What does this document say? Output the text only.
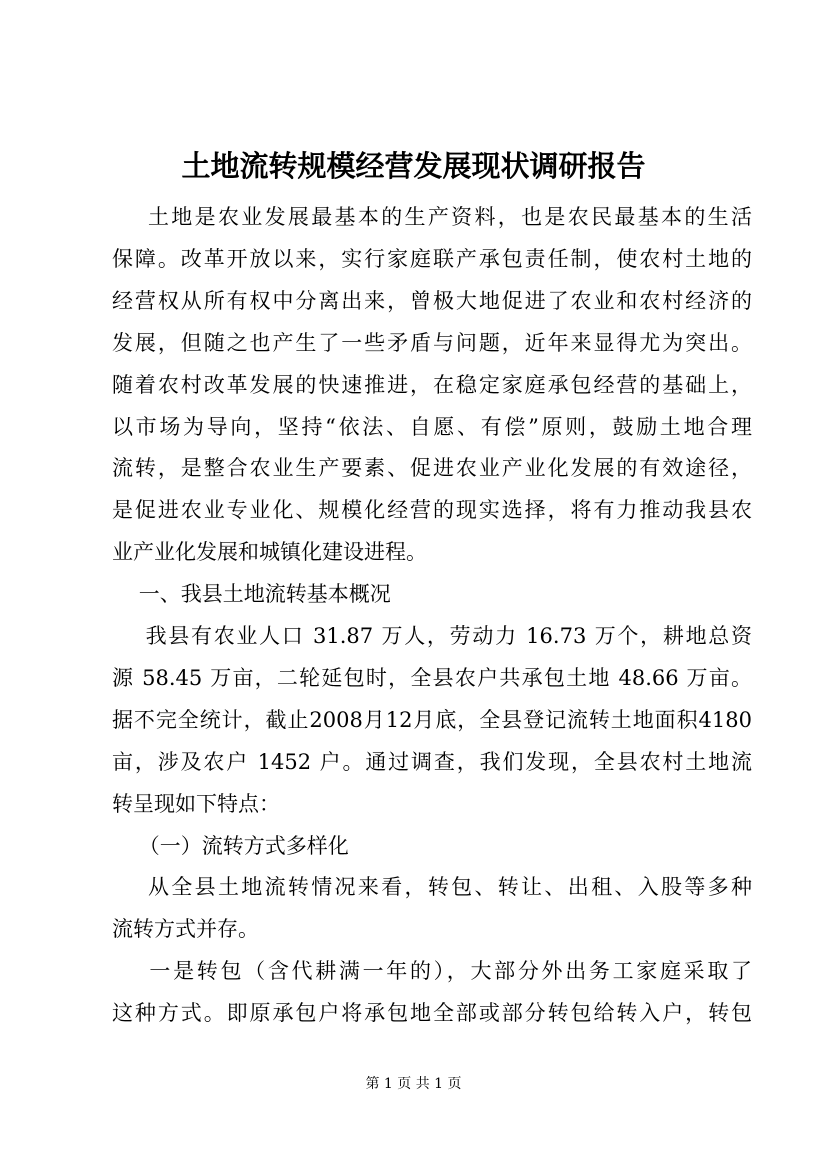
土地流转规模经营发展现状调研报告
土地是农业发展最基本的生产资料，也是农民最基本的生活
保障。改革开放以来，实行家庭联产承包责任制，使农村土地的
经营权从所有权中分离出来，曾极大地促进了农业和农村经济的
发展，但随之也产生了一些矛盾与问题，近年来显得尤为突出。
随着农村改革发展的快速推进，在稳定家庭承包经营的基础上，
以市场为导向，坚持“依法、自愿、有偿”原则，鼓励土地合理
流转，是整合农业生产要素、促进农业产业化发展的有效途径，
是促进农业专业化、规模化经营的现实选择，将有力推动我县农
业产业化发展和城镇化建设进程。
一、我县土地流转基本概况
我县有农业人口 31.87 万人，劳动力 16.73 万个，耕地总资
源 58.45 万亩，二轮延包时，全县农户共承包土地 48.66 万亩。
据不完全统计，截止2008月12月底，全县登记流转土地面积4180
亩，涉及农户 1452 户。通过调查，我们发现，全县农村土地流
转呈现如下特点：
（一）流转方式多样化
从全县土地流转情况来看，转包、转让、出租、入股等多种
流转方式并存。
一是转包（含代耕满一年的），大部分外出务工家庭采取了
这种方式。即原承包户将承包地全部或部分转包给转入户，转包
第 1 页 共 1 页
